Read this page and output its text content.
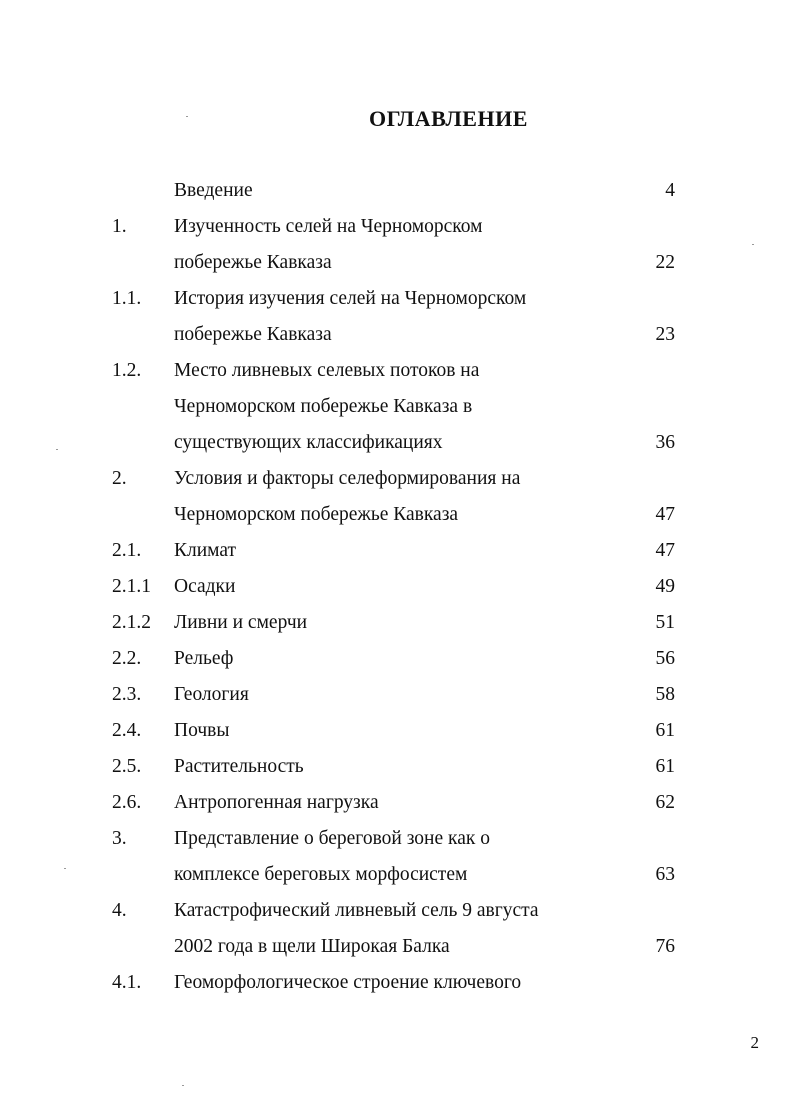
ОГЛАВЛЕНИЕ
Введение	4
1. Изученность селей на Черноморском
побережье Кавказа	22
1.1. История изучения селей на Черноморском
побережье Кавказа	23
1.2. Место ливневых селевых потоков на
Черноморском побережье Кавказа в
существующих классификациях	36
2. Условия и факторы селеформирования на
Черноморском побережье Кавказа	47
2.1. Климат	47
2.1.1 Осадки	49
2.1.2 Ливни и смерчи	51
2.2. Рельеф	56
2.3. Геология	58
2.4. Почвы	61
2.5. Растительность	61
2.6. Антропогенная нагрузка	62
3. Представление о береговой зоне как о
комплексе береговых морфосистем	63
4. Катастрофический ливневый сель 9 августа
2002 года в щели Широкая Балка	76
4.1. Геоморфологическое строение ключевого
2
